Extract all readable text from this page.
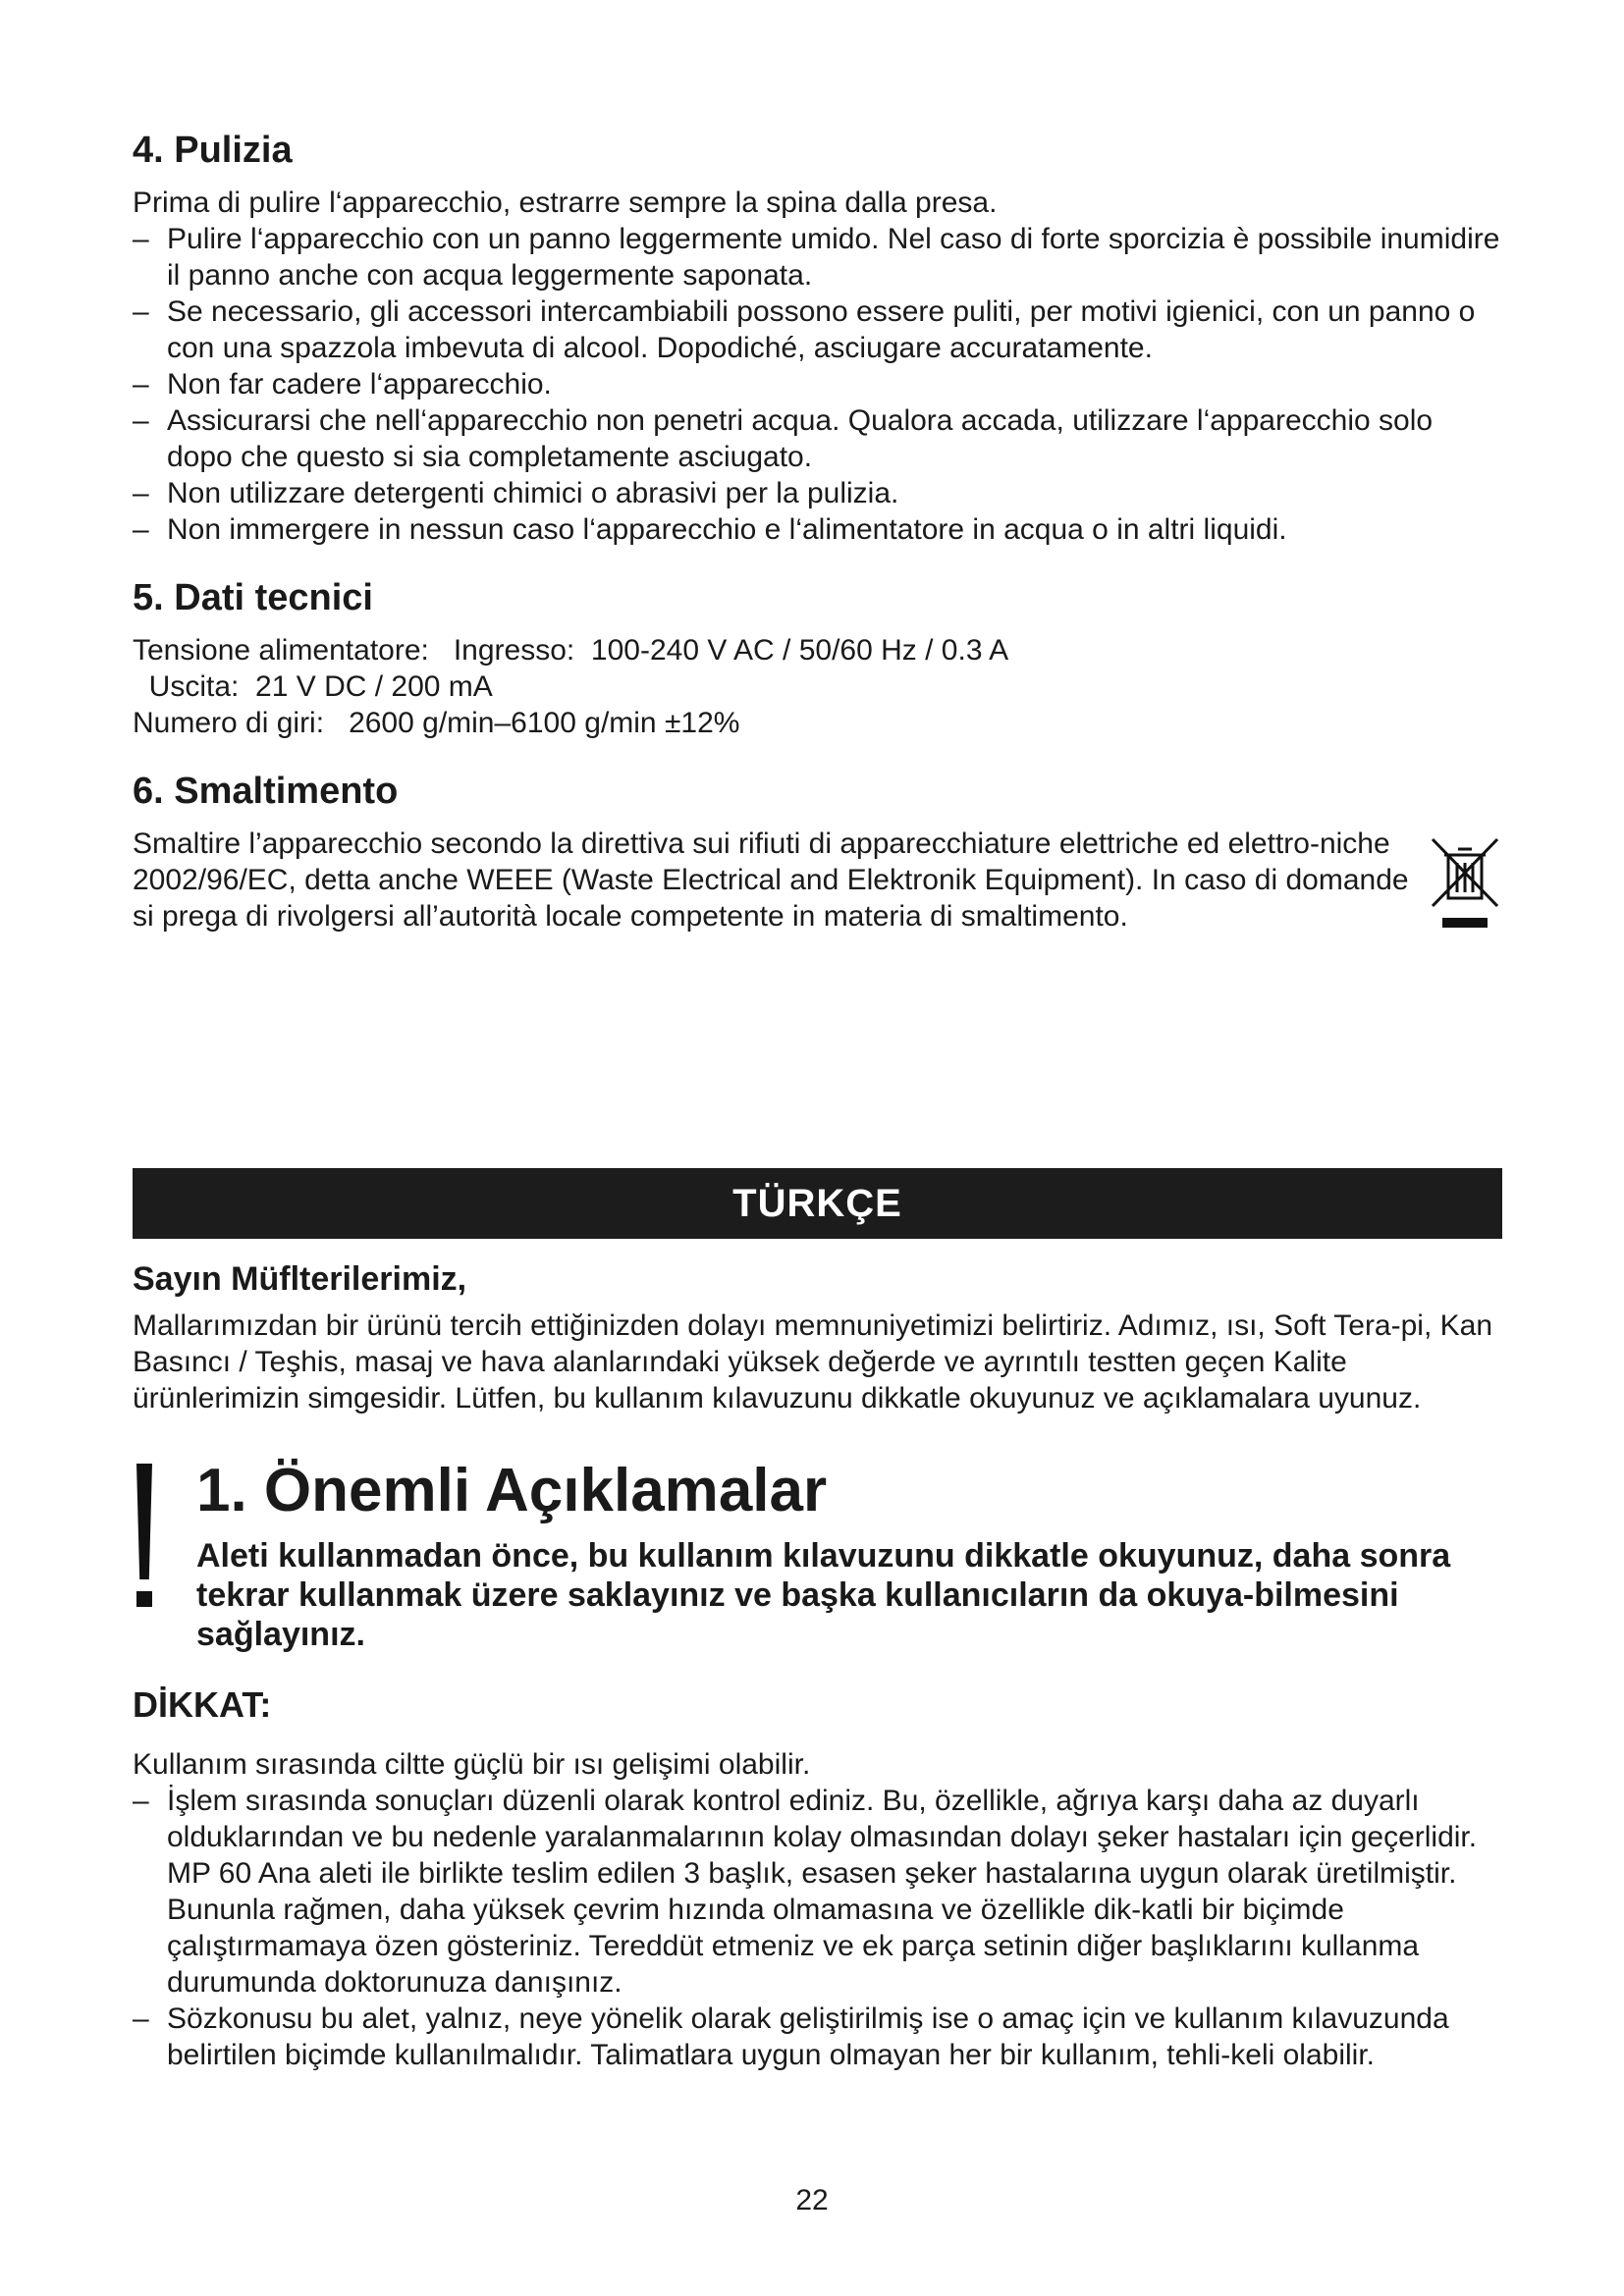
4. Pulizia

Prima di pulire l‘apparecchio, estrarre sempre la spina dalla presa.

– Pulire l‘apparecchio con un panno leggermente umido. Nel caso di forte sporcizia è possibile inumidire il panno anche con acqua leggermente saponata.
– Se necessario, gli accessori intercambiabili possono essere puliti, per motivi igienici, con un panno o con una spazzola imbevuta di alcool. Dopodiché, asciugare accuratamente.
– Non far cadere l‘apparecchio.
– Assicurarsi che nell‘apparecchio non penetri acqua. Qualora accada, utilizzare l‘apparecchio solo dopo che questo si sia completamente asciugato.
– Non utilizzare detergenti chimici o abrasivi per la pulizia.
– Non immergere in nessun caso l‘apparecchio e l‘alimentatore in acqua o in altri liquidi.
5. Dati tecnici
Tensione alimentatore:   Ingresso:  100-240 V AC / 50/60 Hz / 0.3 A
Uscita:  21 V DC / 200 mA
Numero di giri:   2600 g/min–6100 g/min ±12%
6. Smaltimento

Smaltire l’apparecchio secondo la direttiva sui rifiuti di apparecchiature elettriche ed elettro-niche 2002/96/EC, detta anche WEEE (Waste Electrical and Elektronik Equipment). In caso di domande si prega di rivolgersi all’autorità locale competente in materia di smaltimento.

TÜRKÇE
Sayın Müflterilerimiz,

Mallarımızdan bir ürünü tercih ettiğinizden dolayı memnuniyetimizi belirtiriz. Adımız, ısı, Soft Tera-pi, Kan Basıncı / Teşhis, masaj ve hava alanlarındaki yüksek değerde ve ayrıntılı testten geçen Kalite ürünlerimizin simgesidir. Lütfen, bu kullanım kılavuzunu dikkatle okuyunuz ve açıklamalara uyunuz.

1. Önemli Açıklamalar

Aleti kullanmadan önce, bu kullanım kılavuzunu dikkatle okuyunuz, daha sonra tekrar kullanmak üzere saklayınız ve başka kullanıcıların da okuya-bilmesini sağlayınız.

DİKKAT:

Kullanım sırasında ciltte güçlü bir ısı gelişimi olabilir.

– İşlem sırasında sonuçları düzenli olarak kontrol ediniz. Bu, özellikle, ağrıya karşı daha az duyarlı olduklarından ve bu nedenle yaralanmalarının kolay olmasından dolayı şeker hastaları için geçerlidir. MP 60 Ana aleti ile birlikte teslim edilen 3 başlık, esasen şeker hastalarına uygun olarak üretilmiştir. Bununla rağmen, daha yüksek çevrim hızında olmamasına ve özellikle dik-katli bir biçimde çalıştırmamaya özen gösteriniz. Tereddüt etmeniz ve ek parça setinin diğer başlıklarını kullanma durumunda doktorunuza danışınız.
– Sözkonusu bu alet, yalnız, neye yönelik olarak geliştirilmiş ise o amaç için ve kullanım kılavuzunda belirtilen biçimde kullanılmalıdır. Talimatlara uygun olmayan her bir kullanım, tehli-keli olabilir.
22
